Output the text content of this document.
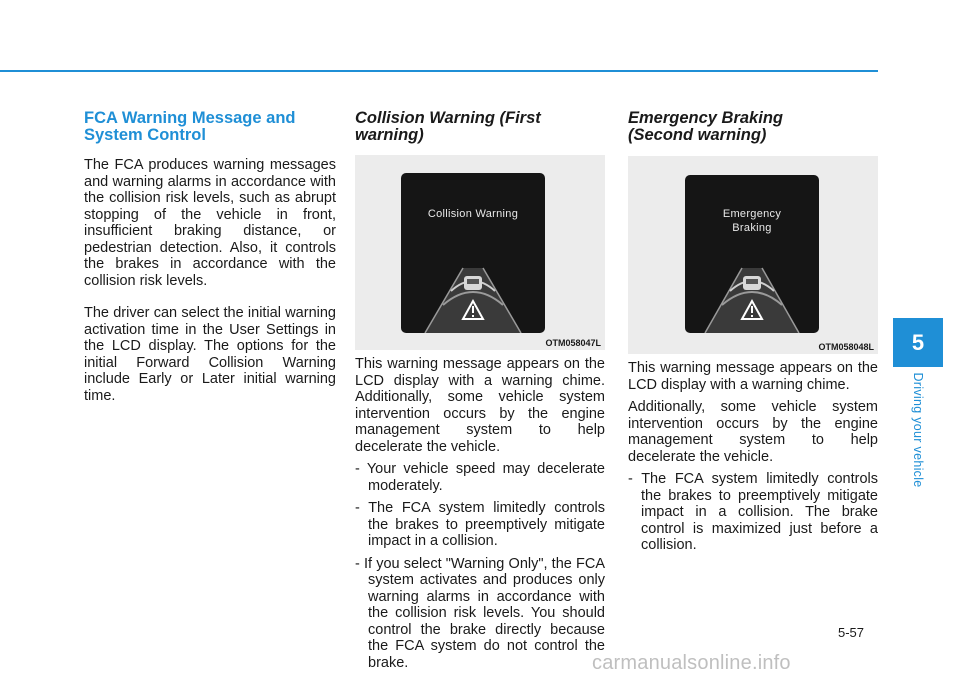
FCA Warning Message and System Control

The FCA produces warning messages and warning alarms in accordance with the collision risk levels, such as abrupt stopping of the vehicle in front, insufficient braking distance, or pedestrian detection. Also, it controls the brakes in accordance with the collision risk levels.

The driver can select the initial warning activation time in the User Settings in the LCD display. The options for the initial Forward Collision Warning include Early or Later initial warning time.

Collision Warning (First warning)
Collision Warning
OTM058047L

This warning message appears on the LCD display with a warning chime. Additionally, some vehicle system intervention occurs by the engine management system to help decelerate the vehicle.

- Your vehicle speed may decelerate moderately.

- The FCA system limitedly controls the brakes to preemptively mitigate impact in a collision.

- If you select "Warning Only", the FCA system activates and produces only warning alarms in accordance with the collision risk levels. You should control the brake directly because the FCA system do not control the brake.

Emergency Braking
(Second warning)
Emergency
Braking
OTM058048L

This warning message appears on the LCD display with a warning chime.

Additionally, some vehicle system intervention occurs by the engine management system to help decelerate the vehicle.

- The FCA system limitedly controls the brakes to preemptively mitigate impact in a collision. The brake control is maximized just before a collision.

5
Driving your vehicle
5-57
carmanualsonline.info
